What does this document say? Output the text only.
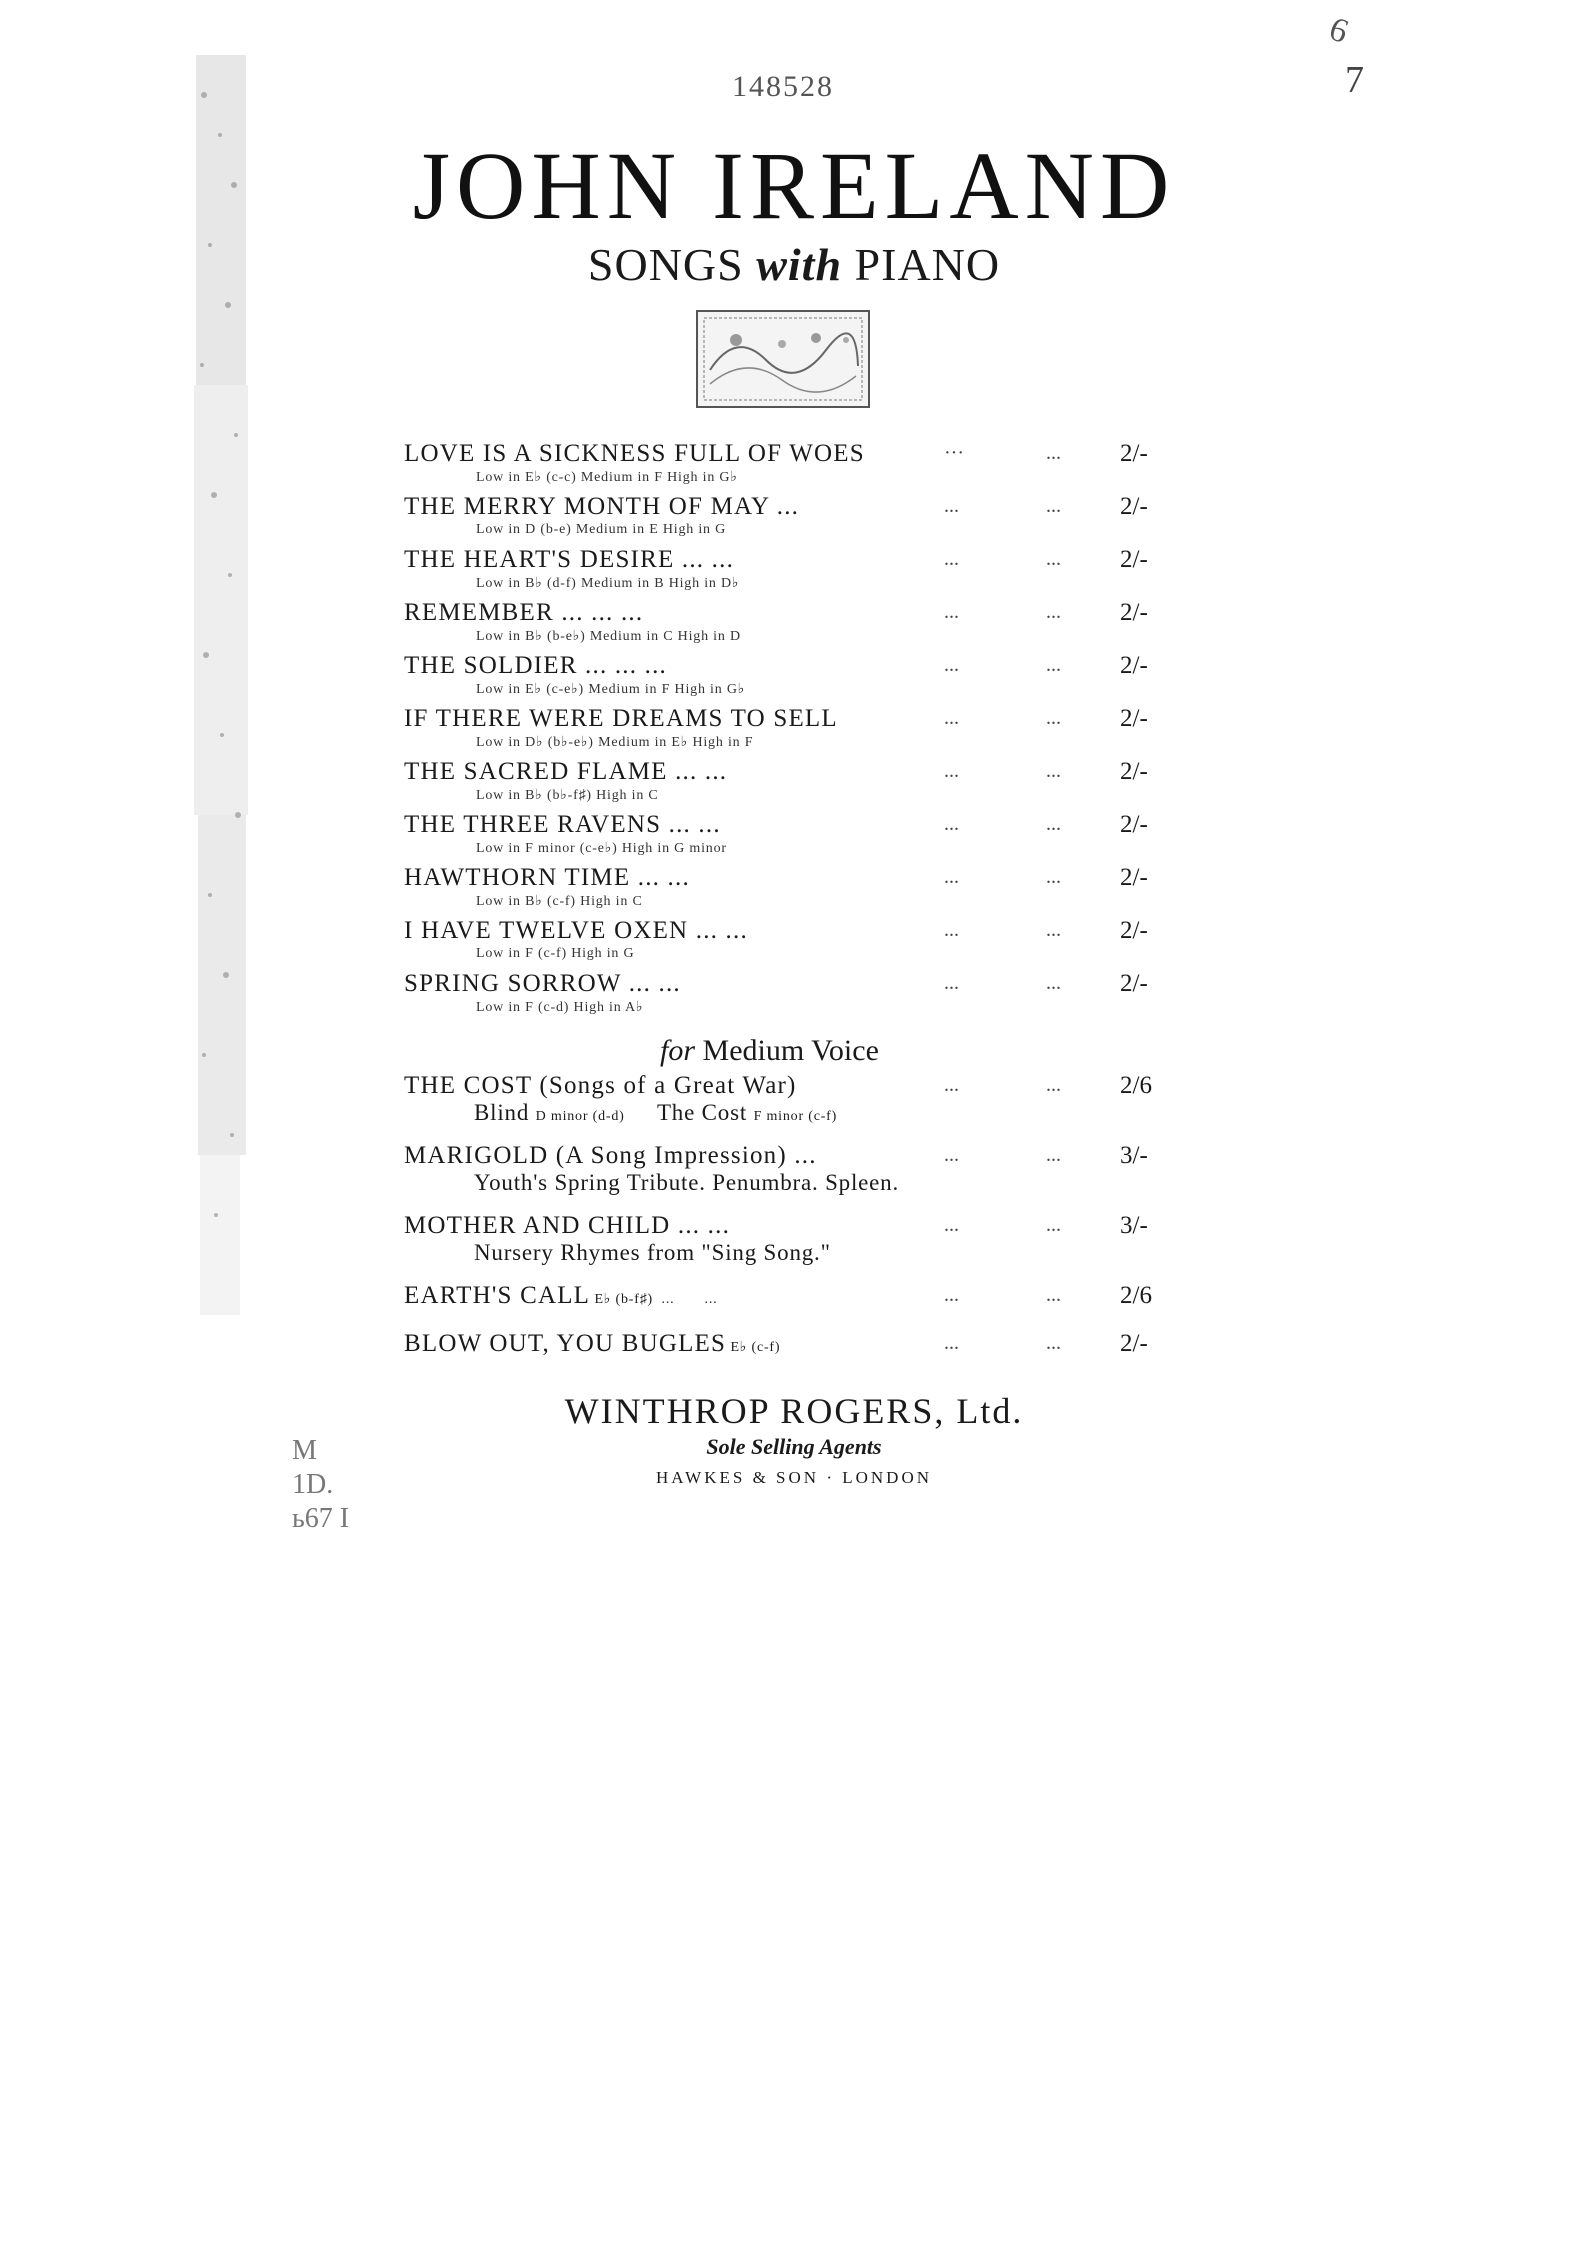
148528
6
7
JOHN IRELAND
SONGS with PIANO
LOVE IS A SICKNESS FULL OF WOES	···	... 2/-
Low in E♭ (c-c) Medium in F High in G♭
THE MERRY MONTH OF MAY ...	...	... 2/-
Low in D (b-e) Medium in E High in G
THE HEART'S DESIRE ... ...	...	... 2/-
Low in B♭ (d-f) Medium in B High in D♭
REMEMBER ... ... ...	...	... 2/-
Low in B♭ (b-e♭) Medium in C High in D
THE SOLDIER ... ... ...	...	... 2/-
Low in E♭ (c-e♭) Medium in F High in G♭
IF THERE WERE DREAMS TO SELL	...	... 2/-
Low in D♭ (b♭-e♭) Medium in E♭ High in F
THE SACRED FLAME ... ...	...	... 2/-
Low in B♭ (b♭-f♯) High in C
THE THREE RAVENS ... ...	...	... 2/-
Low in F minor (c-e♭) High in G minor
HAWTHORN TIME ... ...	...	... 2/-
Low in B♭ (c-f) High in C
I HAVE TWELVE OXEN ... ...	...	... 2/-
Low in F (c-f) High in G
SPRING SORROW ... ...	...	... 2/-
Low in F (c-d) High in A♭
for Medium Voice
THE COST (Songs of a Great War)	...	... 2/6
Blind D minor (d-d)     The Cost F minor (c-f)
MARIGOLD (A Song Impression) ...	...	... 3/-
Youth's Spring Tribute. Penumbra. Spleen.
MOTHER AND CHILD ... ...	...	... 3/-
Nursery Rhymes from "Sing Song."
EARTH'S CALL E♭ (b-f♯)  ...       ...	...	... 2/6
BLOW OUT, YOU BUGLES E♭ (c-f)	...	... 2/-
WINTHROP ROGERS, Ltd.
Sole Selling Agents
HAWKES & SON · LONDON
M
1D.
ь67 I
